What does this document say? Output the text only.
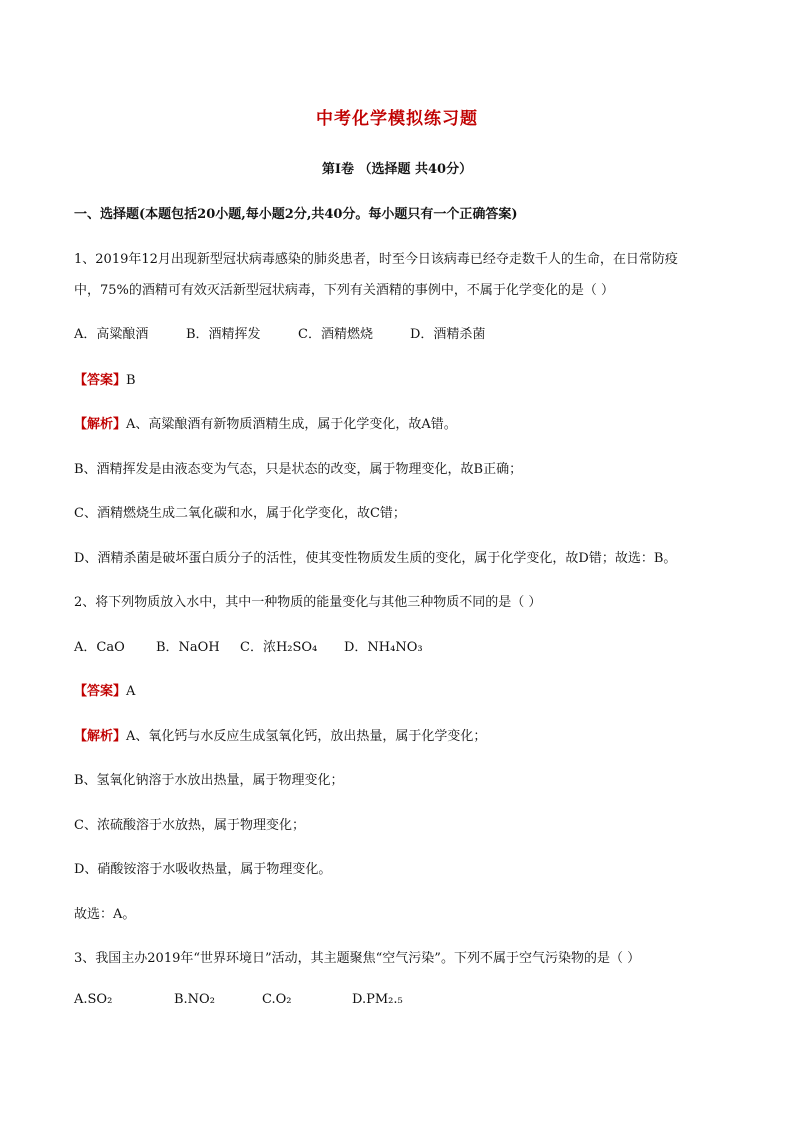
中考化学模拟练习题
第Ⅰ卷 （选择题 共40分）
一、选择题(本题包括20小题,每小题2分,共40分。每小题只有一个正确答案)
1、2019年12月出现新型冠状病毒感染的肺炎患者，时至今日该病毒已经夺走数千人的生命，在日常防疫
中，75%的酒精可有效灭活新型冠状病毒，下列有关酒精的事例中，不属于化学变化的是（ ）
A．高粱酿酒	B．酒精挥发	C．酒精燃烧	D．酒精杀菌
【答案】B
【解析】A、高粱酿酒有新物质酒精生成，属于化学变化，故A错。
B、酒精挥发是由液态变为气态，只是状态的改变，属于物理变化，故B正确；
C、酒精燃烧生成二氧化碳和水，属于化学变化，故C错；
D、酒精杀菌是破坏蛋白质分子的活性，使其变性物质发生质的变化，属于化学变化，故D错；故选：B。
2、将下列物质放入水中，其中一种物质的能量变化与其他三种物质不同的是（ ）
A．CaO B．NaOH C．浓H₂SO₄ D．NH₄NO₃
【答案】A
【解析】A、氧化钙与水反应生成氢氧化钙，放出热量，属于化学变化；
B、氢氧化钠溶于水放出热量，属于物理变化；
C、浓硫酸溶于水放热，属于物理变化；
D、硝酸铵溶于水吸收热量，属于物理变化。
故选：A。
3、我国主办2019年“世界环境日”活动，其主题聚焦“空气污染”。下列不属于空气污染物的是（ ）
A.SO₂	B.NO₂	C.O₂	D.PM₂.₅
